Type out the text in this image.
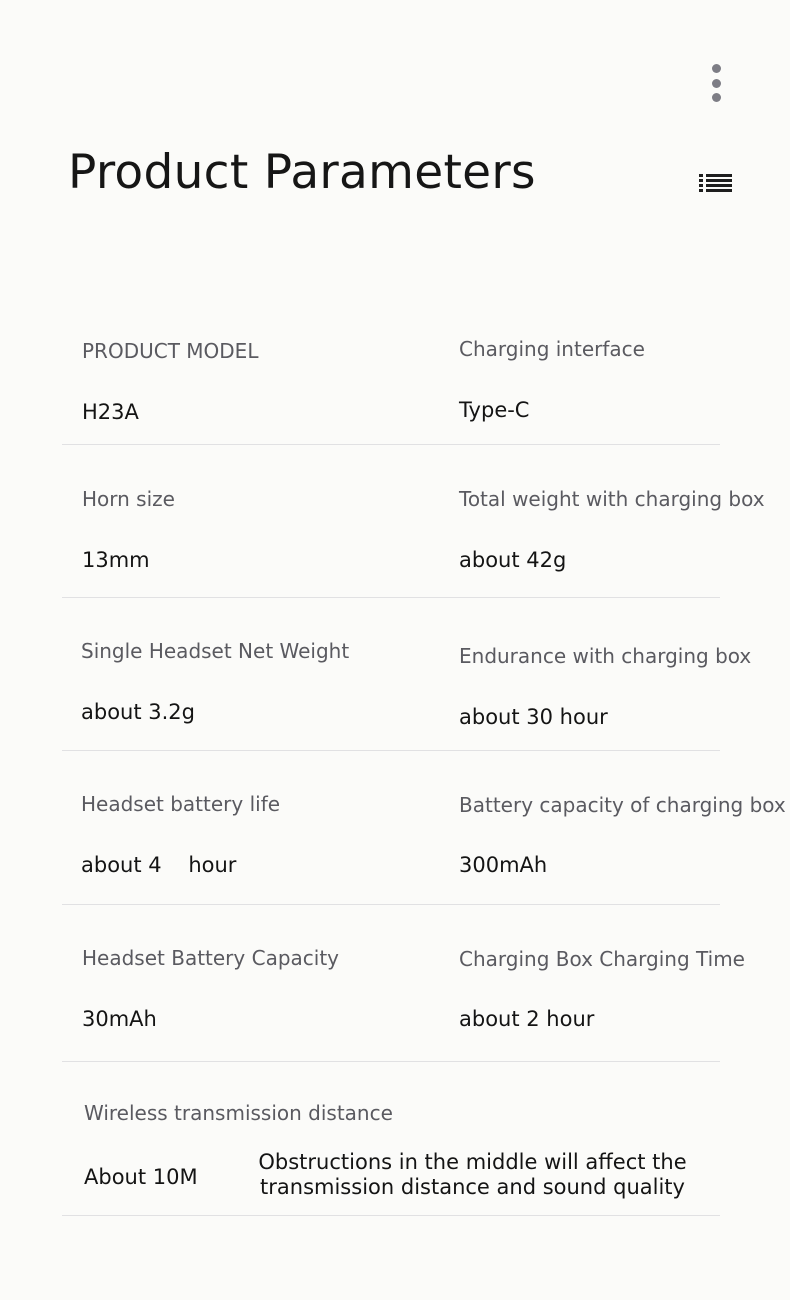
Product Parameters
PRODUCT MODEL
H23A
Charging interface
Type-C
Horn size
13mm
Total weight with charging box
about 42g
Single Headset Net Weight
about 3.2g
Endurance with charging box
about 30 hour
Headset battery life
about 4    hour
Battery capacity of charging box
300mAh
Headset Battery Capacity
30mAh
Charging Box Charging Time
about 2 hour
Wireless transmission distance
About 10M
Obstructions in the middle will affect the
transmission distance and sound quality
